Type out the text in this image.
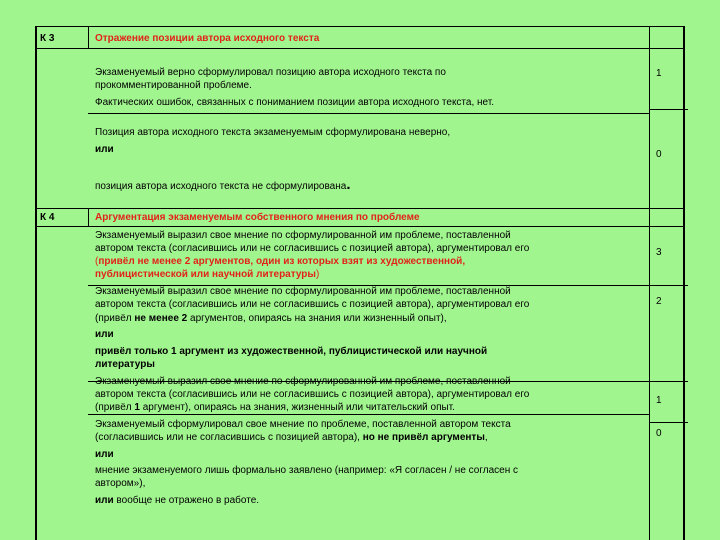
К 3	Отражение позиции автора исходного текста
Экзаменуемый верно сформулировал позицию автора исходного текста по
прокомментированной проблеме.
Фактических ошибок, связанных с пониманием позиции автора исходного текста, нет.
1
Позиция автора исходного текста экзаменуемым сформулирована неверно,
или
позиция автора исходного текста не сформулирована.
0
К 4	Аргументация экзаменуемым собственного мнения по проблеме
Экзаменуемый выразил свое мнение по сформулированной им проблеме, поставленной
автором текста (согласившись или не согласившись с позицией автора), аргументировал его
(привёл не менее 2 аргументов, один из которых взят из художественной,
публицистической или научной литературы)
3
Экзаменуемый выразил свое мнение по сформулированной им проблеме, поставленной
автором текста (согласившись или не согласившись с позицией автора), аргументировал его
(привёл не менее 2 аргументов, опираясь на знания или жизненный опыт),
или
привёл только 1 аргумент из художественной, публицистической или научной
литературы
2
Экзаменуемый выразил свое мнение по сформулированной им проблеме, поставленной
автором текста (согласившись или не согласившись с позицией автора), аргументировал его
(привёл 1 аргумент), опираясь на знания, жизненный или читательский опыт.
1
Экзаменуемый сформулировал свое мнение по проблеме, поставленной автором текста
(согласившись или не согласившись с позицией автора), но не привёл аргументы,
или
мнение экзаменуемого лишь формально заявлено (например: «Я согласен / не согласен с
автором»),
или вообще не отражено в работе.
0
